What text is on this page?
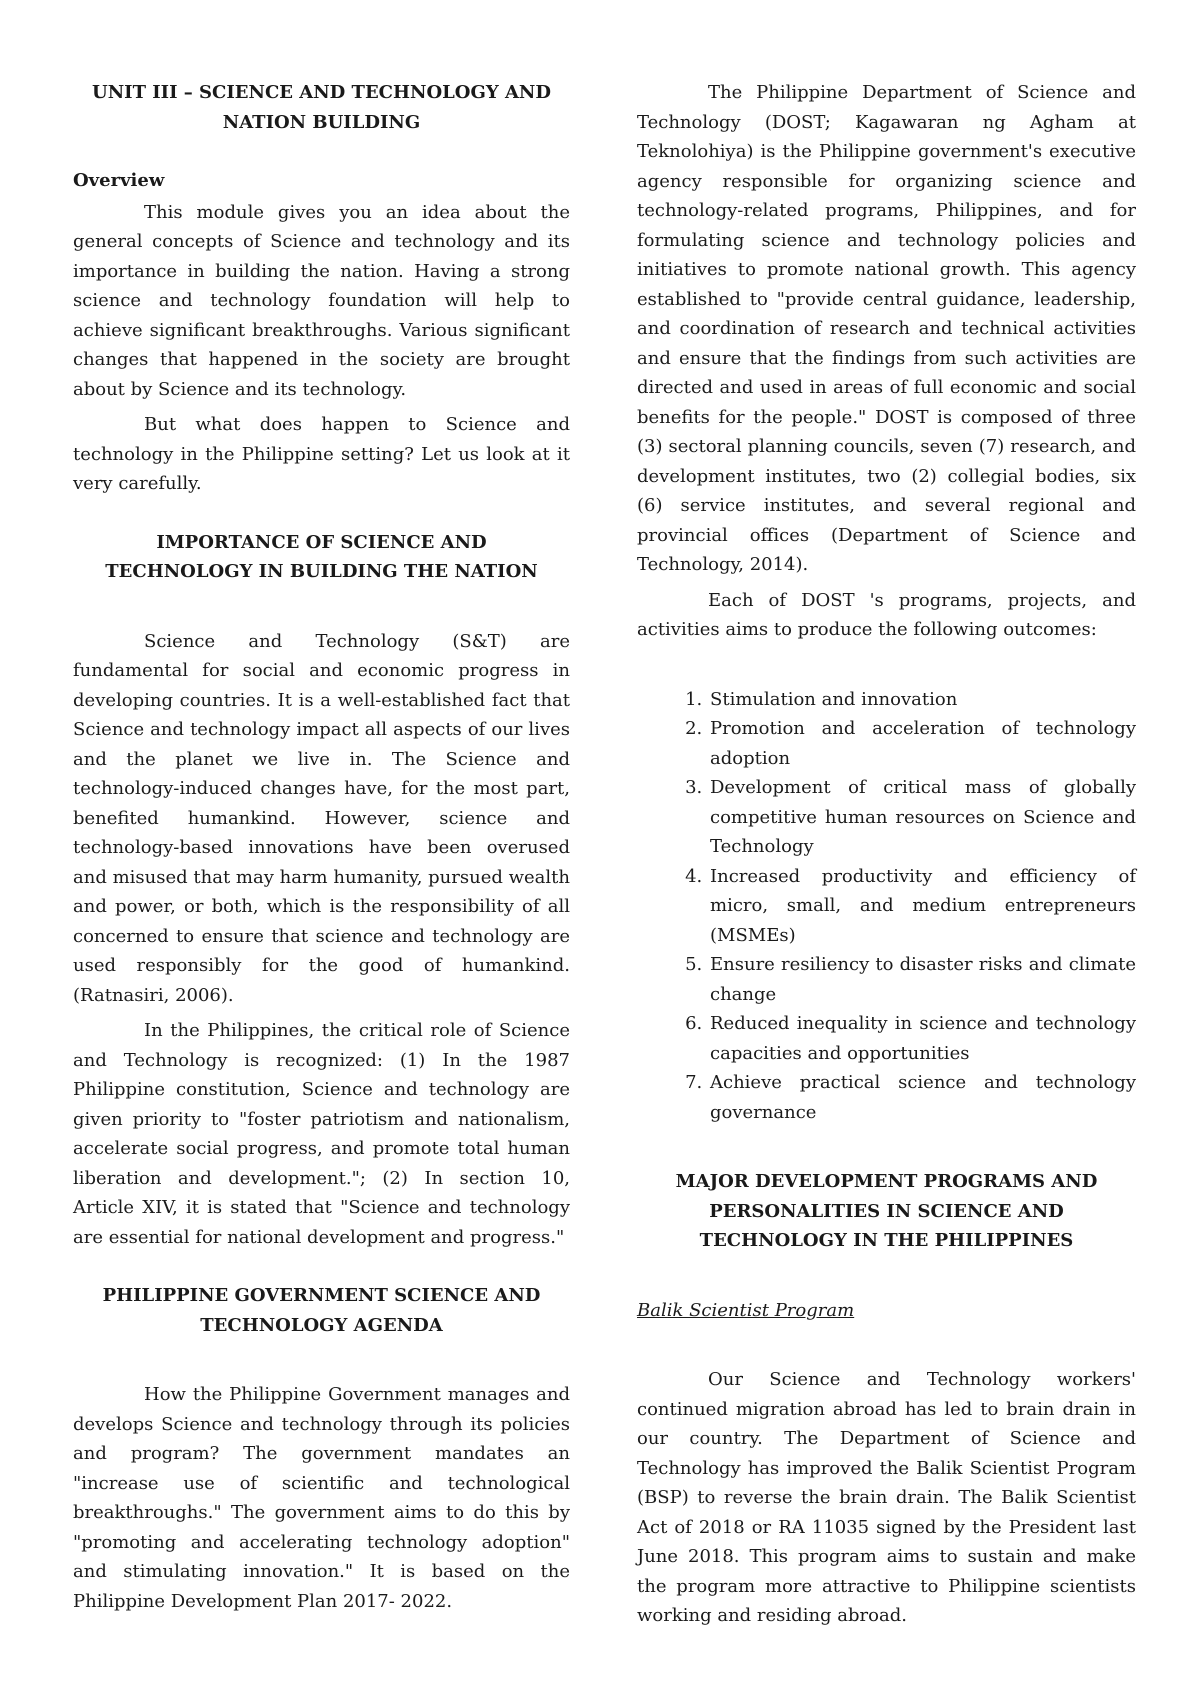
UNIT III – SCIENCE AND TECHNOLOGY AND NATION BUILDING
Overview

This module gives you an idea about the general concepts of Science and technology and its importance in building the nation. Having a strong science and technology foundation will help to achieve significant breakthroughs. Various significant changes that happened in the society are brought about by Science and its technology.

But what does happen to Science and technology in the Philippine setting? Let us look at it very carefully.

IMPORTANCE OF SCIENCE AND TECHNOLOGY IN BUILDING THE NATION

Science and Technology (S&T) are fundamental for social and economic progress in developing countries. It is a well-established fact that Science and technology impact all aspects of our lives and the planet we live in. The Science and technology-induced changes have, for the most part, benefited humankind. However, science and technology-based innovations have been overused and misused that may harm humanity, pursued wealth and power, or both, which is the responsibility of all concerned to ensure that science and technology are used responsibly for the good of humankind. (Ratnasiri, 2006).

In the Philippines, the critical role of Science and Technology is recognized: (1) In the 1987 Philippine constitution, Science and technology are given priority to "foster patriotism and nationalism, accelerate social progress, and promote total human liberation and development."; (2) In section 10, Article XIV, it is stated that "Science and technology are essential for national development and progress."

PHILIPPINE GOVERNMENT SCIENCE AND TECHNOLOGY AGENDA

How the Philippine Government manages and develops Science and technology through its policies and program? The government mandates an "increase use of scientific and technological breakthroughs." The government aims to do this by "promoting and accelerating technology adoption" and stimulating innovation." It is based on the Philippine Development Plan 2017- 2022.

The Philippine Department of Science and Technology (DOST; Kagawaran ng Agham at Teknolohiya) is the Philippine government's executive agency responsible for organizing science and technology-related programs, Philippines, and for formulating science and technology policies and initiatives to promote national growth. This agency established to "provide central guidance, leadership, and coordination of research and technical activities and ensure that the findings from such activities are directed and used in areas of full economic and social benefits for the people." DOST is composed of three (3) sectoral planning councils, seven (7) research, and development institutes, two (2) collegial bodies, six (6) service institutes, and several regional and provincial offices (Department of Science and Technology, 2014).

Each of DOST 's programs, projects, and activities aims to produce the following outcomes:

1. Stimulation and innovation
2. Promotion and acceleration of technology adoption
3. Development of critical mass of globally competitive human resources on Science and Technology
4. Increased productivity and efficiency of micro, small, and medium entrepreneurs (MSMEs)
5. Ensure resiliency to disaster risks and climate change
6. Reduced inequality in science and technology capacities and opportunities
7. Achieve practical science and technology governance
MAJOR DEVELOPMENT PROGRAMS AND PERSONALITIES IN SCIENCE AND TECHNOLOGY IN THE PHILIPPINES
Balik Scientist Program

Our Science and Technology workers' continued migration abroad has led to brain drain in our country. The Department of Science and Technology has improved the Balik Scientist Program (BSP) to reverse the brain drain. The Balik Scientist Act of 2018 or RA 11035 signed by the President last June 2018. This program aims to sustain and make the program more attractive to Philippine scientists working and residing abroad.
